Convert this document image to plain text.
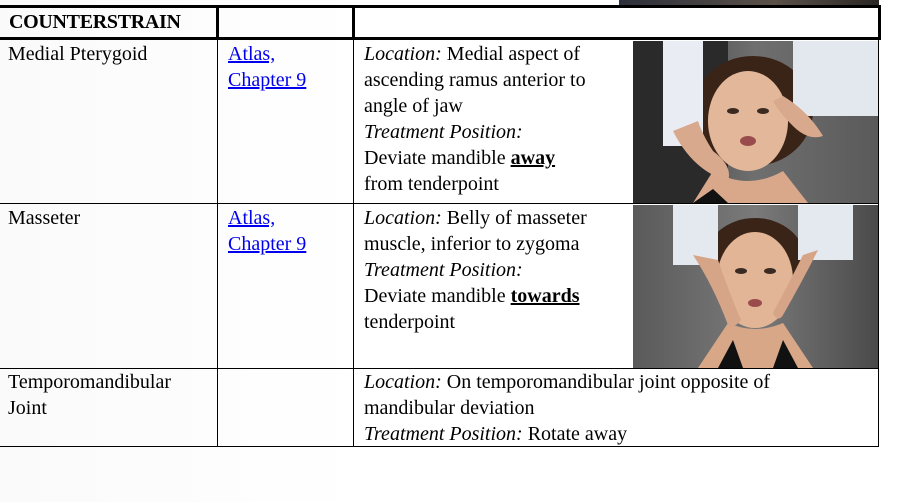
COUNTERSTRAIN
Medial Pterygoid	Atlas,
Chapter 9
Location: Medial aspect of
ascending ramus anterior to
angle of jaw
Treatment Position:
Deviate mandible away
from tenderpoint
Masseter	Atlas,
Chapter 9
Location: Belly of masseter
muscle, inferior to zygoma
Treatment Position:
Deviate mandible towards
tenderpoint
Temporomandibular
Joint
Location: On temporomandibular joint opposite of
mandibular deviation
Treatment Position: Rotate away
